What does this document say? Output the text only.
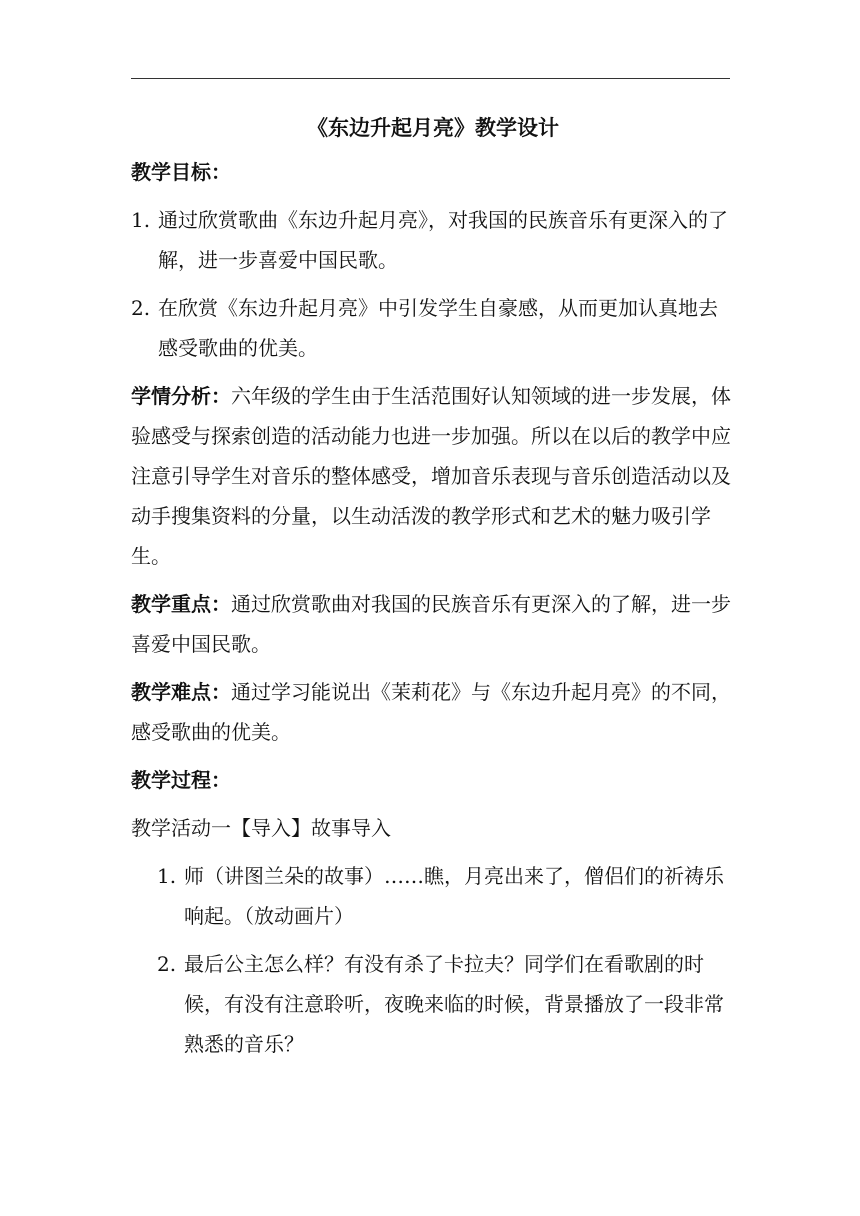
《东边升起月亮》教学设计
教学目标：
1. 通过欣赏歌曲《东边升起月亮》，对我国的民族音乐有更深入的了解，进一步喜爱中国民歌。
2. 在欣赏《东边升起月亮》中引发学生自豪感，从而更加认真地去感受歌曲的优美。
学情分析：六年级的学生由于生活范围好认知领域的进一步发展，体验感受与探索创造的活动能力也进一步加强。所以在以后的教学中应注意引导学生对音乐的整体感受，增加音乐表现与音乐创造活动以及动手搜集资料的分量，以生动活泼的教学形式和艺术的魅力吸引学生。
教学重点：通过欣赏歌曲对我国的民族音乐有更深入的了解，进一步喜爱中国民歌。
教学难点：通过学习能说出《茉莉花》与《东边升起月亮》的不同，感受歌曲的优美。
教学过程：
教学活动一【导入】故事导入
1. 师（讲图兰朵的故事）……瞧，月亮出来了，僧侣们的祈祷乐响起。（放动画片）
2. 最后公主怎么样？有没有杀了卡拉夫？同学们在看歌剧的时候，有没有注意聆听，夜晚来临的时候，背景播放了一段非常熟悉的音乐？
